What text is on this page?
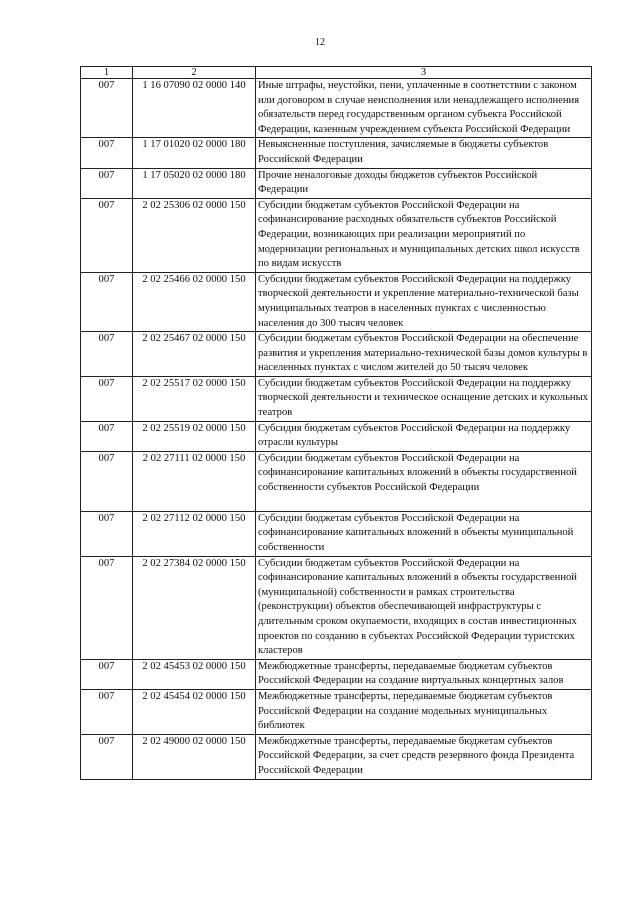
12
1	2	3
007	1 16 07090 02 0000 140	Иные штрафы, неустойки, пени, уплаченные в соответствии с законом или договором в случае неисполнения или ненадлежащего исполнения обязательств перед государственным органом субъекта Российской Федерации, казенным учреждением субъекта Российской Федерации
007	1 17 01020 02 0000 180	Невыясненные поступления, зачисляемые в бюджеты субъектов Российской Федерации
007	1 17 05020 02 0000 180	Прочие неналоговые доходы бюджетов субъектов Российской Федерации
007	2 02 25306 02 0000 150	Субсидии бюджетам субъектов Российской Федерации на софинансирование расходных обязательств субъектов Российской Федерации, возникающих при реализации мероприятий по модернизации региональных и муниципальных детских школ искусств по видам искусств
007	2 02 25466 02 0000 150	Субсидии бюджетам субъектов Российской Федерации на поддержку творческой деятельности и укрепление материально-технической базы муниципальных театров в населенных пунктах с численностью населения до 300 тысяч человек
007	2 02 25467 02 0000 150	Субсидии бюджетам субъектов Российской Федерации на обеспечение развития и укрепления материально-технической базы домов культуры в населенных пунктах с числом жителей до 50 тысяч человек
007	2 02 25517 02 0000 150	Субсидии бюджетам субъектов Российской Федерации на поддержку творческой деятельности и техническое оснащение детских и кукольных театров
007	2 02 25519 02 0000 150	Субсидия бюджетам субъектов Российской Федерации на поддержку отрасли культуры
007	2 02 27111 02 0000 150	Субсидии бюджетам субъектов Российской Федерации на софинансирование капитальных вложений в объекты государственной собственности субъектов Российской Федерации
007	2 02 27112 02 0000 150	Субсидии бюджетам субъектов Российской Федерации на софинансирование капитальных вложений в объекты муниципальной собственности
007	2 02 27384 02 0000 150	Субсидии бюджетам субъектов Российской Федерации на софинансирование капитальных вложений в объекты государственной (муниципальной) собственности в рамках строительства (реконструкции) объектов обеспечивающей инфраструктуры с длительным сроком окупаемости, входящих в состав инвестиционных проектов по созданию в субъектах Российской Федерации туристских кластеров
007	2 02 45453 02 0000 150	Межбюджетные трансферты, передаваемые бюджетам субъектов Российской Федерации на создание виртуальных концертных залов
007	2 02 45454 02 0000 150	Межбюджетные трансферты, передаваемые бюджетам субъектов Российской Федерации на создание модельных муниципальных библиотек
007	2 02 49000 02 0000 150	Межбюджетные трансферты, передаваемые бюджетам субъектов Российской Федерации, за счет средств резервного фонда Президента Российской Федерации
